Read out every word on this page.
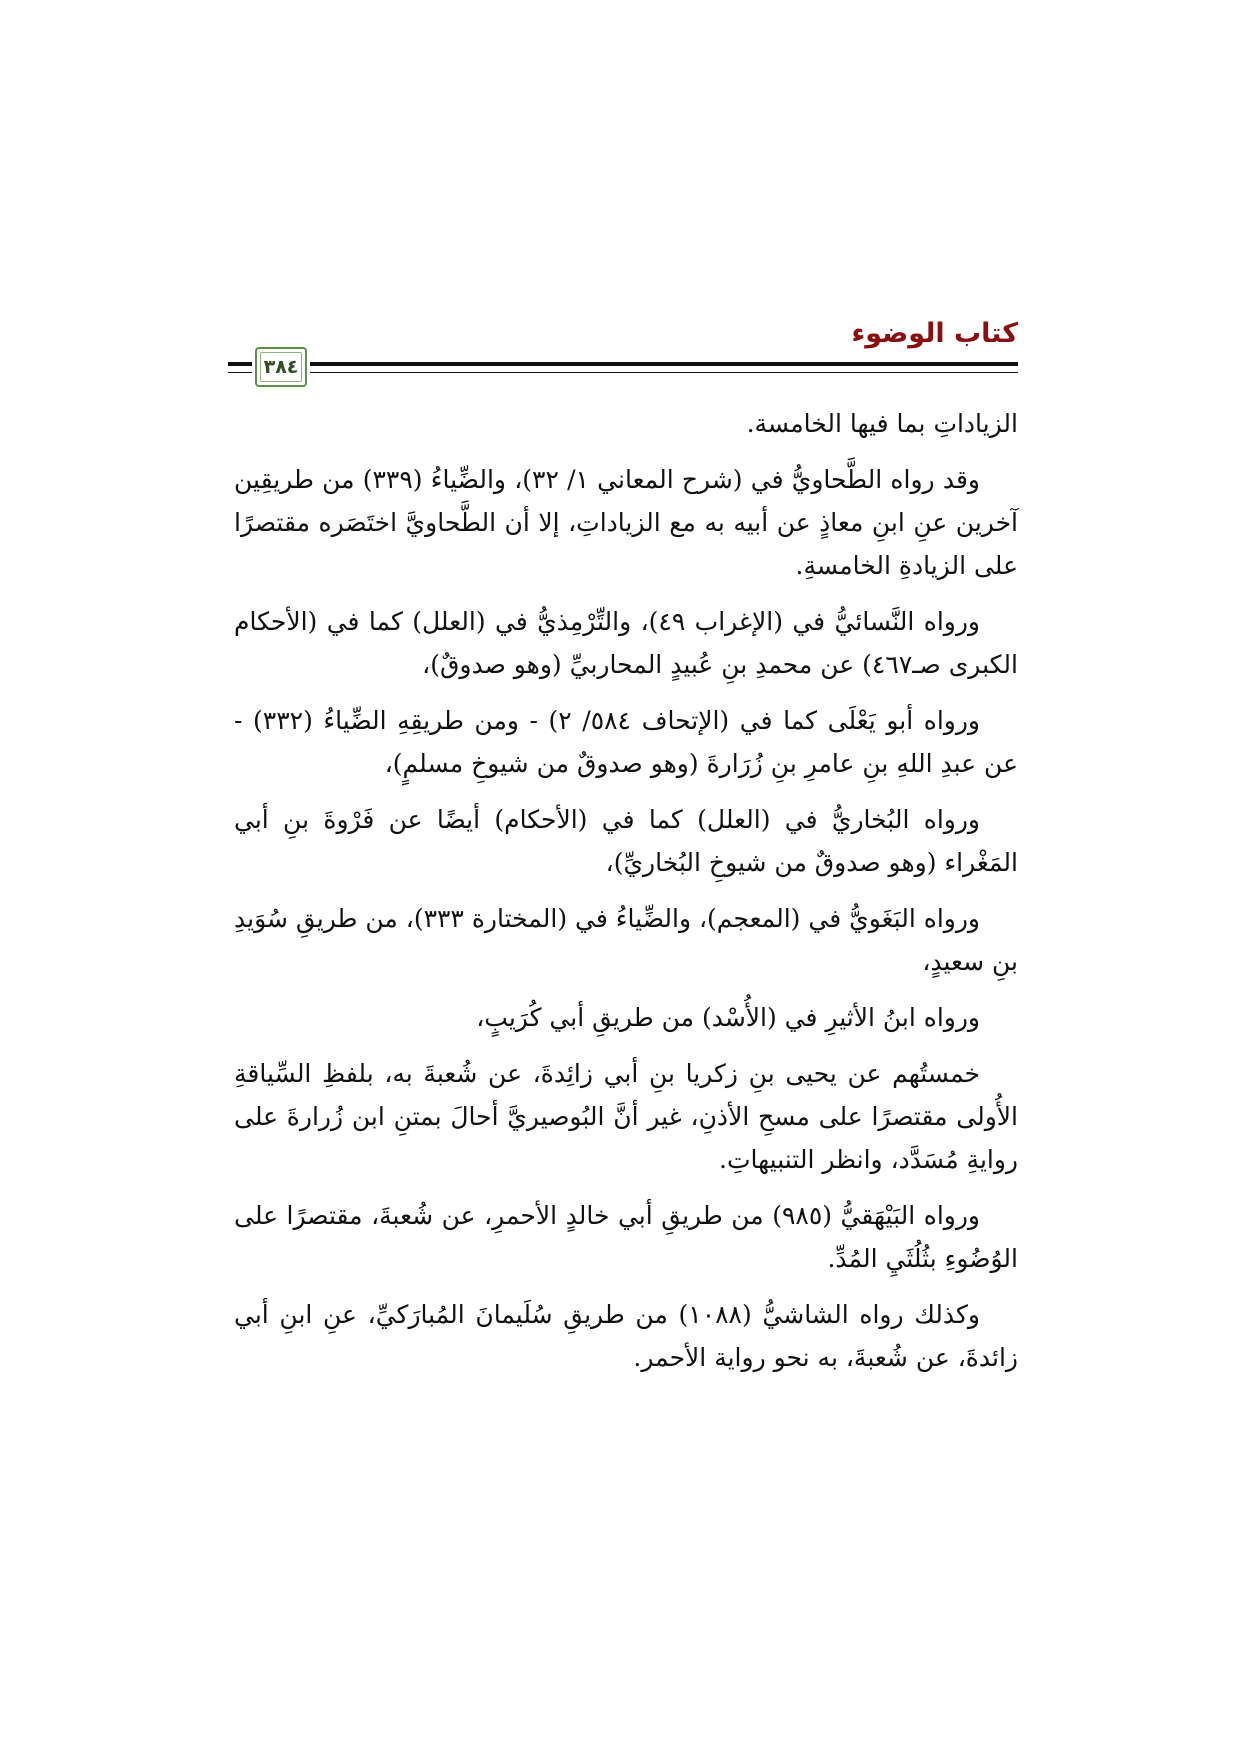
كتاب الوضوء
٣٨٤

الزياداتِ بما فيها الخامسة.

وقد رواه الطَّحاويُّ في (شرح المعاني ١/ ٣٢)، والضِّياءُ (٣٣٩) من طريقِين آخرين عنِ ابنِ معاذٍ عن أبيه به مع الزياداتِ، إلا أن الطَّحاويَّ اختَصَره مقتصرًا على الزيادةِ الخامسةِ.

ورواه النَّسائيُّ في (الإغراب ٤٩)، والتِّرْمِذيُّ في (العلل) كما في (الأحكام الكبرى صـ٤٦٧) عن محمدِ بنِ عُبيدٍ المحاربيِّ (وهو صدوقٌ)،

ورواه أبو يَعْلَى كما في (الإتحاف ٥٨٤/ ٢) - ومن طريقِهِ الضِّياءُ (٣٣٢) - عن عبدِ اللهِ بنِ عامرِ بنِ زُرَارةَ (وهو صدوقٌ من شيوخِ مسلمٍ)،

ورواه البُخاريُّ في (العلل) كما في (الأحكام) أيضًا عن فَرْوةَ بنِ أبي المَغْراء (وهو صدوقٌ من شيوخِ البُخاريِّ)،

ورواه البَغَويُّ في (المعجم)، والضِّياءُ في (المختارة ٣٣٣)، من طريقِ سُوَيدِ بنِ سعيدٍ،

ورواه ابنُ الأثيرِ في (الأُسْد) من طريقِ أبي كُرَيبٍ،

خمستُهم عن يحيى بنِ زكريا بنِ أبي زائِدةَ، عن شُعبةَ به، بلفظِ السِّياقةِ الأُولى مقتصرًا على مسحِ الأذنِ، غير أنَّ البُوصيريَّ أحالَ بمتنِ ابن زُرارةَ على روايةِ مُسَدَّد، وانظر التنبيهاتِ.

ورواه البَيْهَقيُّ (٩٨٥) من طريقِ أبي خالدٍ الأحمرِ، عن شُعبةَ، مقتصرًا على الوُضُوءِ بثُلُثَيِ المُدِّ.

وكذلك رواه الشاشيُّ (١٠٨٨) من طريقِ سُلَيمانَ المُبارَكيِّ، عنِ ابنِ أبي زائدةَ، عن شُعبةَ، به نحو رواية الأحمر.
